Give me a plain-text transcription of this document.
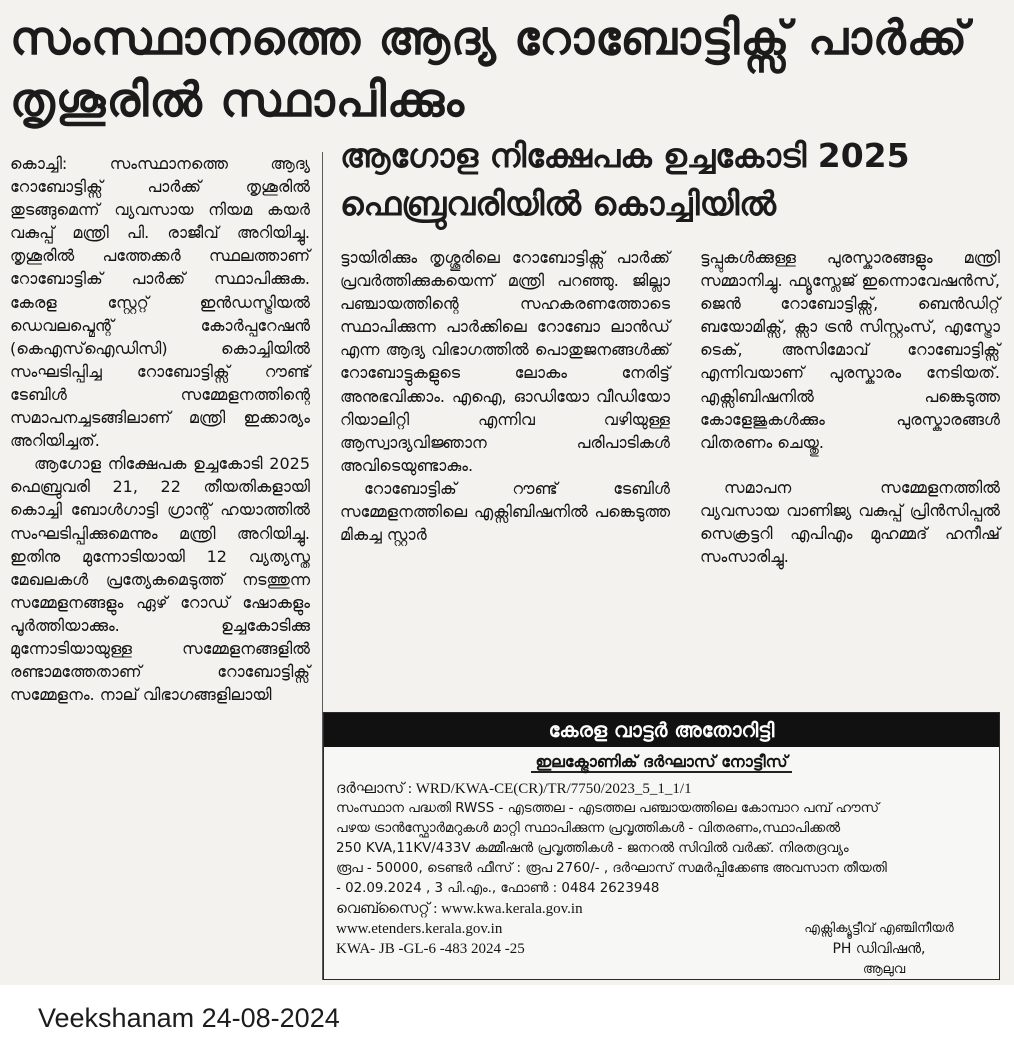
സംസ്ഥാനത്തെ ആദ്യ റോബോട്ടിക്സ് പാർക്ക് തൃശൂരിൽ സ്ഥാപിക്കും
ആഗോള നിക്ഷേപക ഉച്ചകോടി 2025 ഫെബ്രുവരിയിൽ കൊച്ചിയിൽ

കൊച്ചി: സംസ്ഥാനത്തെ ആദ്യ റോബോട്ടിക്സ് പാർക്ക് തൃശൂരിൽ തുടങ്ങുമെന്ന് വ്യവസായ നിയമ കയർ വകുപ്പ് മന്ത്രി പി. രാജീവ് അറിയിച്ചു. തൃശൂരിൽ പത്തേക്കർ സ്ഥലത്താണ് റോബോട്ടിക് പാർക്ക് സ്ഥാപിക്കുക. കേരള സ്റ്റേറ്റ് ഇൻഡസ്ട്രിയൽ ഡെവലപ്മെന്റ് കോർപ്പറേഷൻ (കെഎസ്ഐഡിസി) കൊച്ചിയിൽ സംഘടിപ്പിച്ച റോബോട്ടിക്സ് റൗണ്ട് ടേബിൾ സമ്മേളനത്തിന്റെ സമാപനച്ചടങ്ങിലാണ് മന്ത്രി ഇക്കാര്യം അറിയിച്ചത്.

ആഗോള നിക്ഷേപക ഉച്ചകോടി 2025 ഫെബ്രുവരി 21, 22 തീയതികളായി കൊച്ചി ബോൾഗാട്ടി ഗ്രാന്റ് ഹയാത്തിൽ സംഘടിപ്പിക്കുമെന്നും മന്ത്രി അറിയിച്ചു. ഇതിനു മുന്നോടിയായി 12 വ്യത്യസ്ത മേഖലകൾ പ്രത്യേകമെടുത്ത് നടത്തുന്ന സമ്മേളനങ്ങളും ഏഴ് റോഡ് ഷോകളും പൂർത്തിയാക്കും. ഉച്ചകോടിക്കു മുന്നോടിയായുള്ള സമ്മേളനങ്ങളിൽ രണ്ടാമത്തേതാണ് റോബോട്ടിക്സ് സമ്മേളനം. നാല് വിഭാഗങ്ങളിലായി

ട്ടായിരിക്കും തൃശ്ശൂരിലെ റോബോട്ടിക്സ് പാർക്ക് പ്രവർത്തിക്കുകയെന്ന് മന്ത്രി പറഞ്ഞു. ജില്ലാ പഞ്ചായത്തിന്റെ സഹകരണത്തോടെ സ്ഥാപിക്കുന്ന പാർക്കിലെ റോബോ ലാൻഡ് എന്ന ആദ്യ വിഭാഗത്തിൽ പൊതുജനങ്ങൾക്ക് റോബോട്ടുകളുടെ ലോകം നേരിട്ട് അനുഭവിക്കാം. എഐ, ഓഡിയോ വീഡിയോ റിയാലിറ്റി എന്നിവ വഴിയുള്ള ആസ്വാദ്യവിജ്ഞാന പരിപാടികൾ അവിടെയുണ്ടാകും.

റോബോട്ടിക് റൗണ്ട് ടേബിൾ സമ്മേളനത്തിലെ എക്സിബിഷനിൽ പങ്കെടുത്ത മികച്ച സ്റ്റാർ

ട്ടപ്പുകൾക്കുള്ള പുരസ്കാരങ്ങളും മന്ത്രി സമ്മാനിച്ചു. ഫ്യൂസ്ലേജ് ഇന്നൊവേഷൻസ്, ജെൻ റോബോട്ടിക്സ്, ബെൻഡിറ്റ് ബയോമിക്സ്, ക്സാ ട്രൻ സിസ്റ്റംസ്, എസ്ട്രോ ടെക്, അസിമോവ് റോബോട്ടിക്സ് എന്നിവയാണ് പുരസ്കാരം നേടിയത്. എക്സിബിഷനിൽ പങ്കെടുത്ത കോളേജുകൾക്കും പുരസ്കാരങ്ങൾ വിതരണം ചെയ്തു.

സമാപന സമ്മേളനത്തിൽ വ്യവസായ വാണിജ്യ വകുപ്പ് പ്രിൻസിപ്പൽ സെക്രട്ടറി എപിഎം മുഹമ്മദ് ഹനീഷ് സംസാരിച്ചു.

കേരള വാട്ടർ അതോറിട്ടി
ഇലക്ട്രോണിക് ദർഘാസ് നോട്ടീസ്
ദർഘാസ് : WRD/KWA-CE(CR)/TR/7750/2023_5_1_1/1
സംസ്ഥാന പദ്ധതി RWSS - എടത്തല - എടത്തല പഞ്ചായത്തിലെ കോമ്പാറ പമ്പ് ഹൗസ്
പഴയ ട്രാൻസ്ഫോർമറുകൾ മാറ്റി സ്ഥാപിക്കുന്ന പ്രവൃത്തികൾ - വിതരണം,സ്ഥാപിക്കൽ
250 KVA,11KV/433V കമ്മീഷൻ പ്രവൃത്തികൾ - ജനറൽ സിവിൽ വർക്ക്. നിരതദ്രവ്യം
രൂപ - 50000, ടെണ്ടർ ഫീസ് : രൂപ 2760/- , ദർഘാസ് സമർപ്പിക്കേണ്ട അവസാന തീയതി
- 02.09.2024 , 3 പി.എം., ഫോൺ : 0484 2623948
വെബ്സൈറ്റ് : www.kwa.kerala.gov.in
www.etenders.kerala.gov.in
KWA- JB -GL-6 -483 2024 -25
എക്സിക്യൂട്ടീവ് എഞ്ചിനീയർ
PH ഡിവിഷൻ,
ആലുവ
Veekshanam 24-08-2024
